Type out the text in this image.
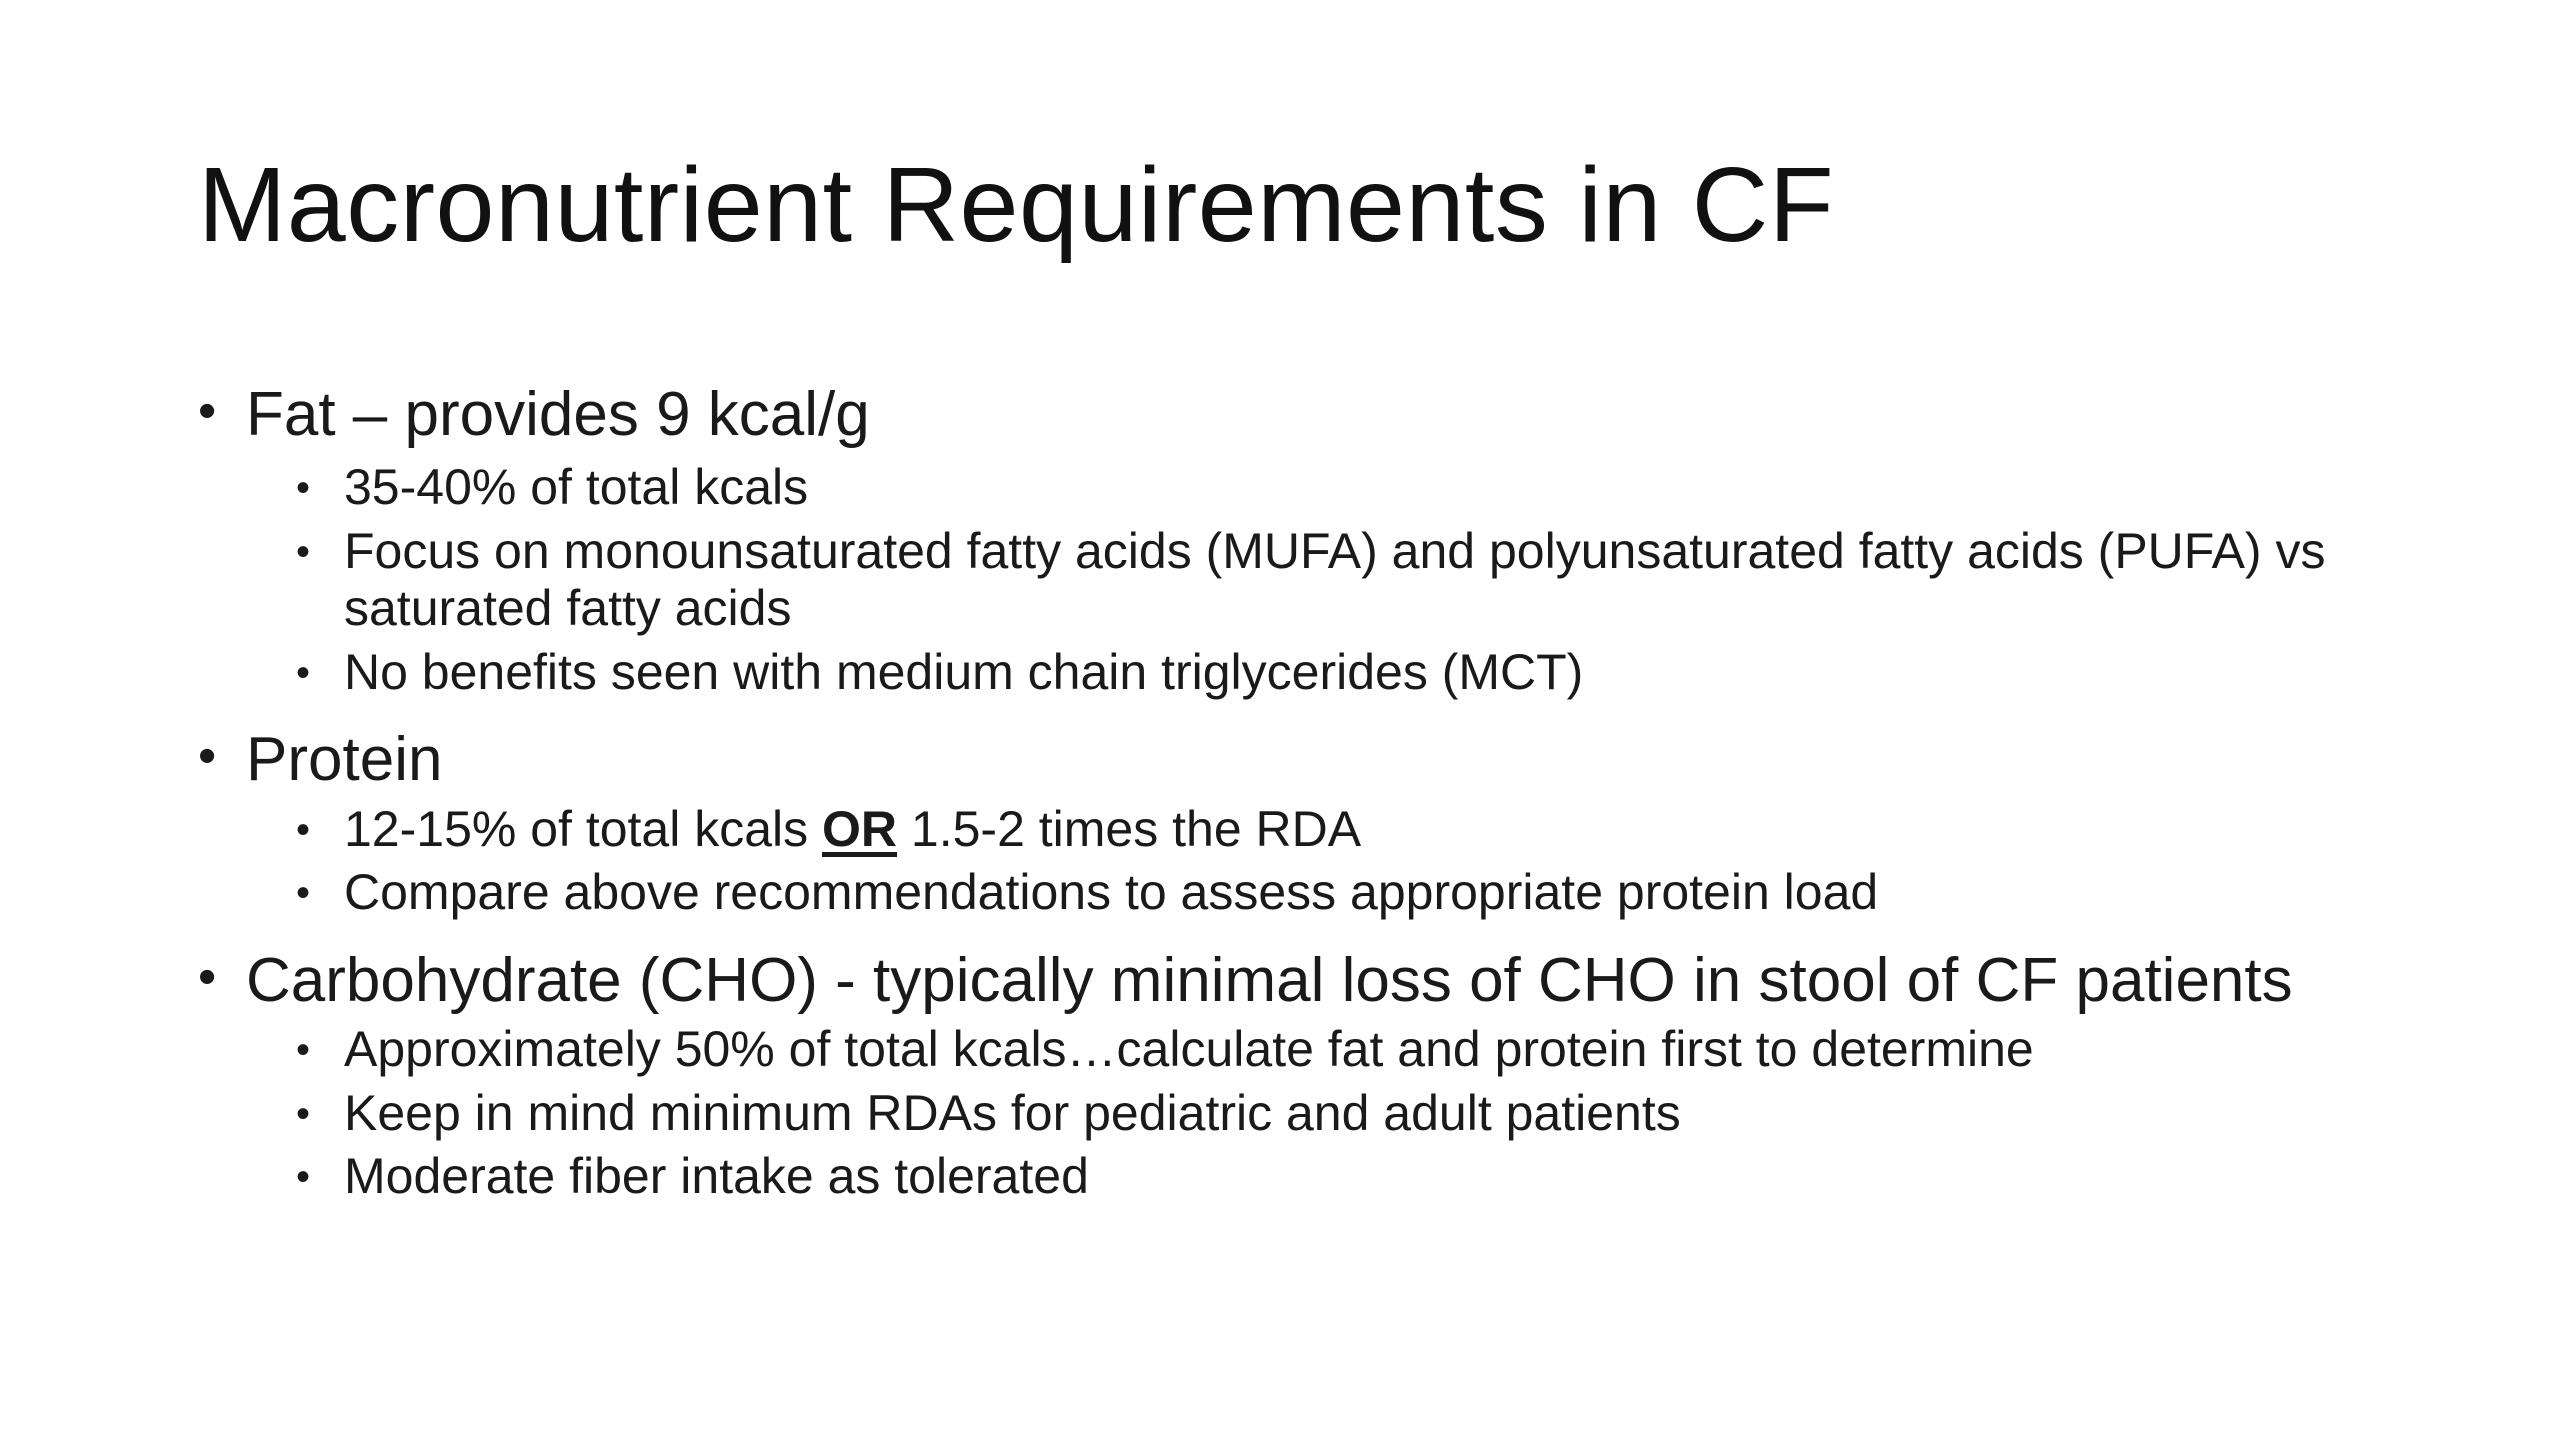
Macronutrient Requirements in CF

• Fat – provides 9 kcal/g

• 35-40% of total kcals
• Focus on monounsaturated fatty acids (MUFA) and polyunsaturated fatty acids (PUFA) vs saturated fatty acids
• No benefits seen with medium chain triglycerides (MCT)

• Protein

• 12-15% of total kcals OR 1.5-2 times the RDA
• Compare above recommendations to assess appropriate protein load

• Carbohydrate (CHO) - typically minimal loss of CHO in stool of CF patients

• Approximately 50% of total kcals…calculate fat and protein first to determine
• Keep in mind minimum RDAs for pediatric and adult patients
• Moderate fiber intake as tolerated
